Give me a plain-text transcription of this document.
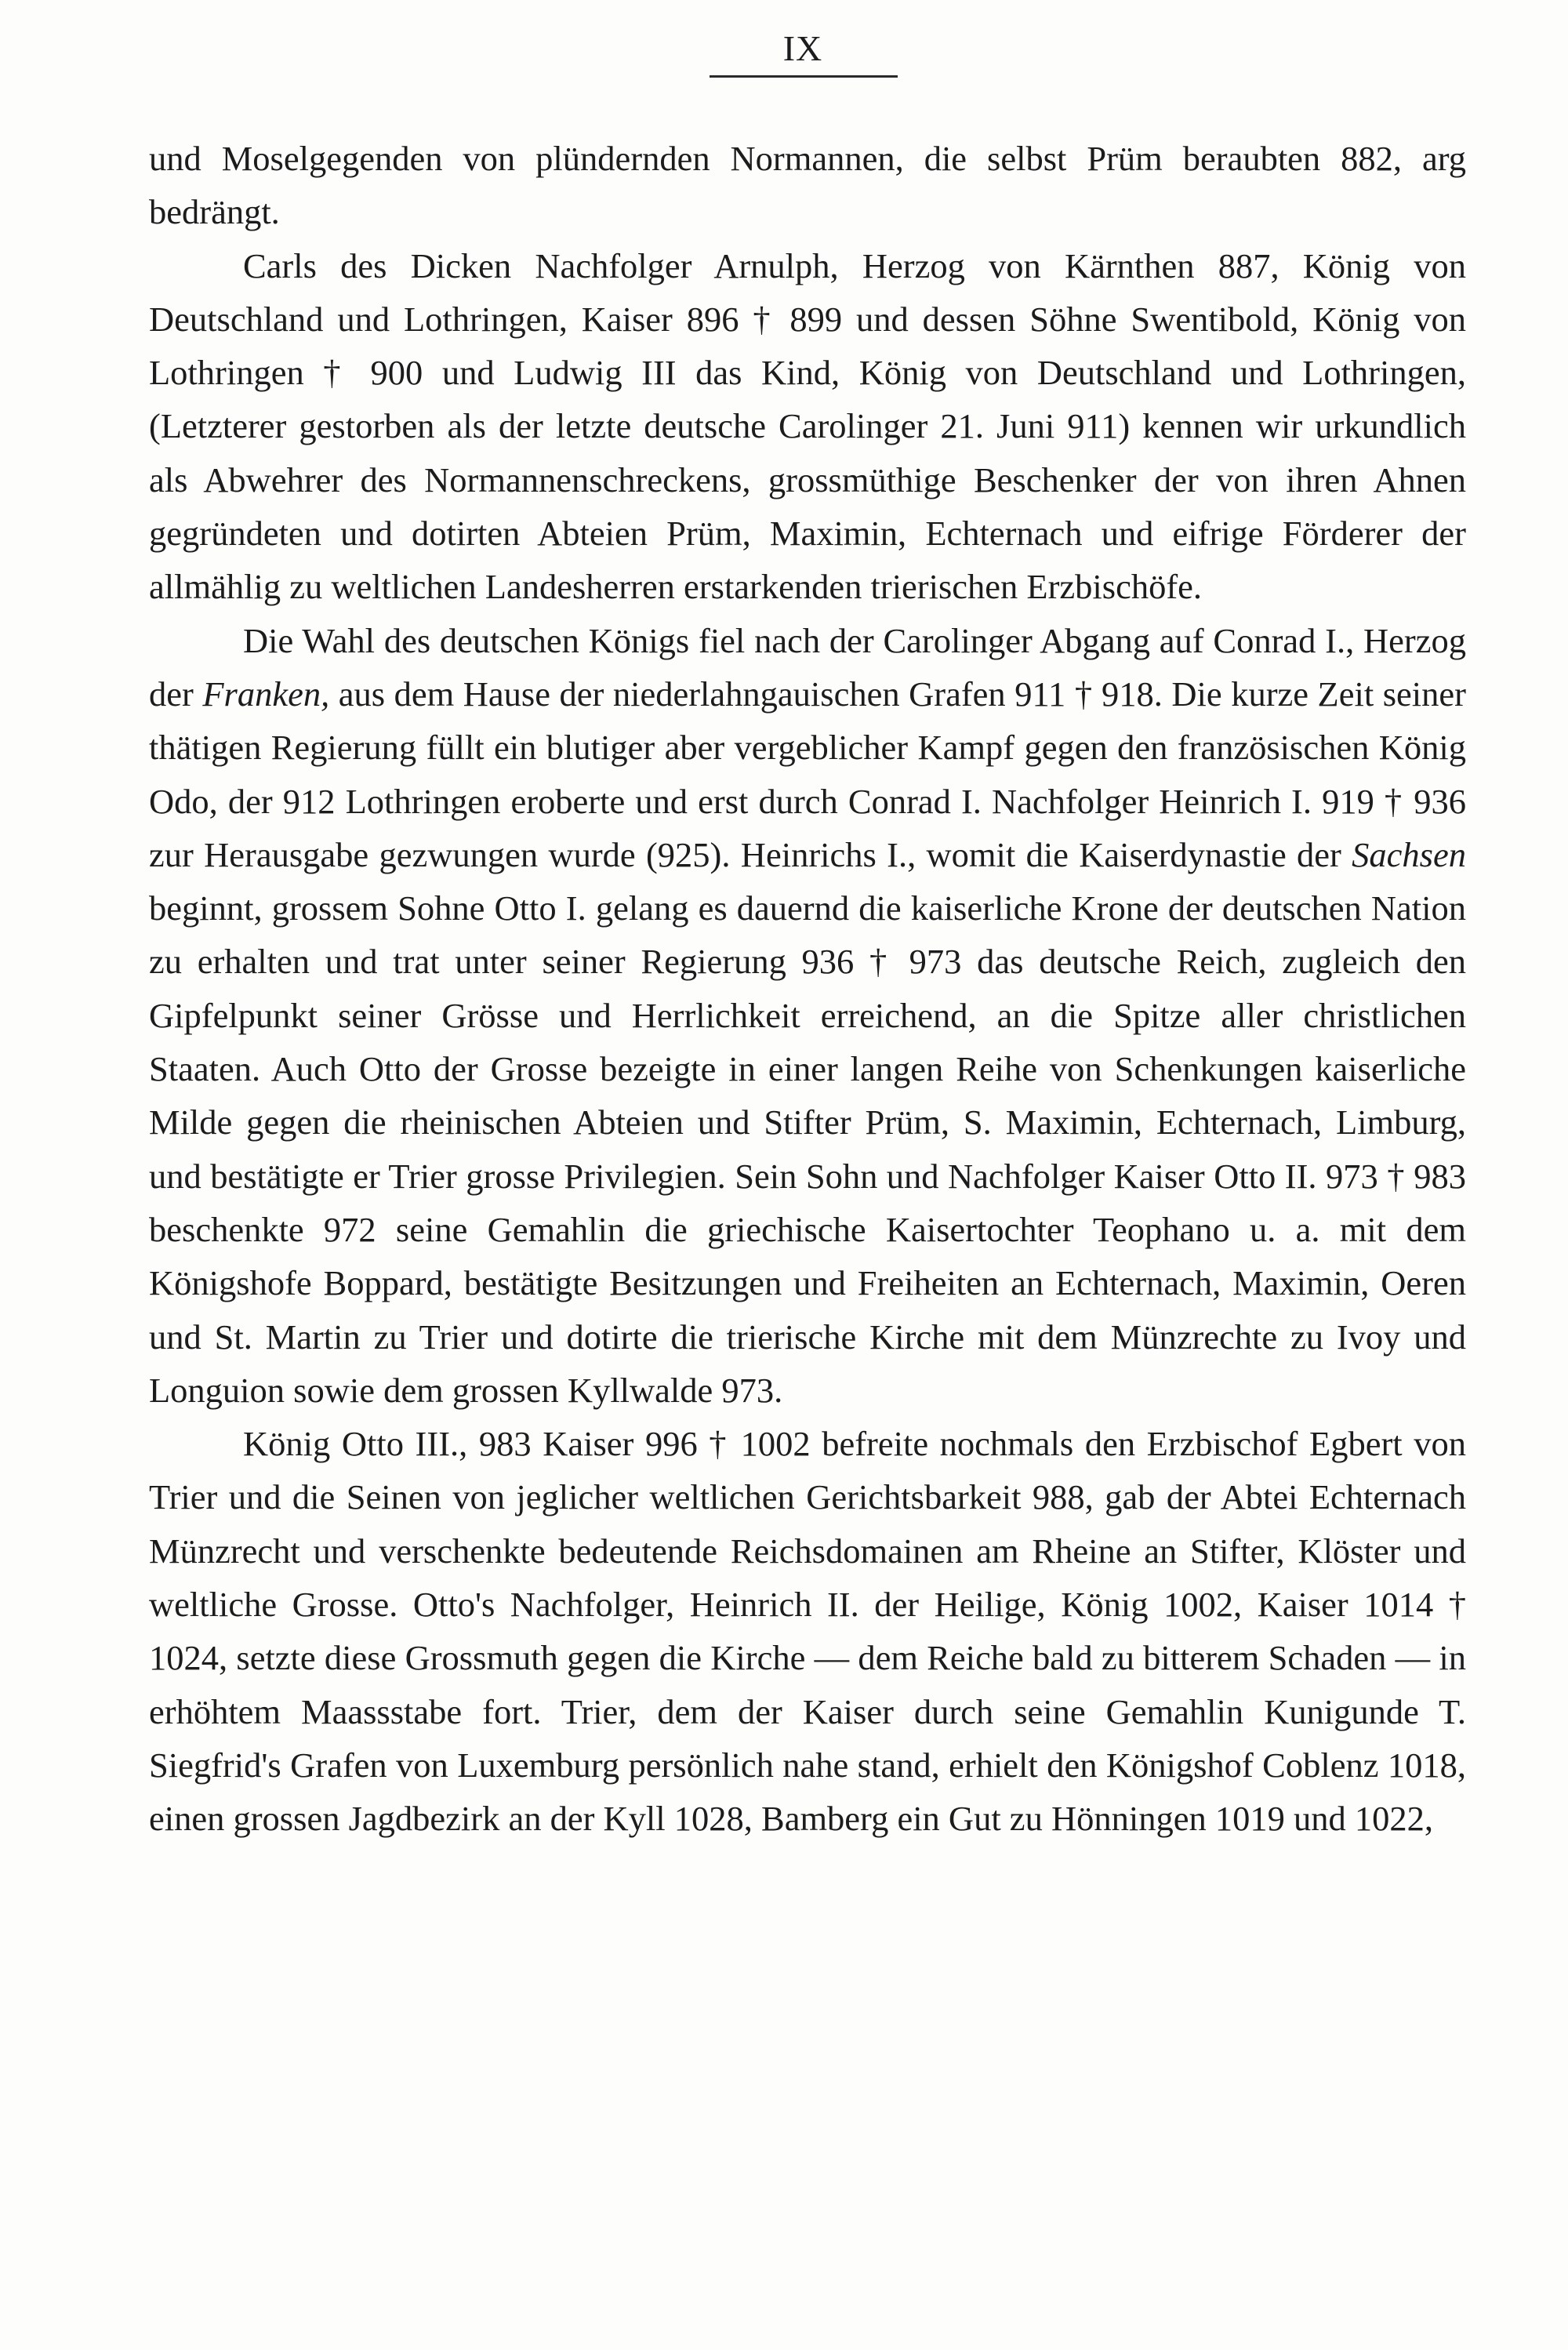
IX

und Moselgegenden von plündernden Normannen, die selbst Prüm beraubten 882, arg bedrängt.

Carls des Dicken Nachfolger Arnulph, Herzog von Kärnthen 887, König von Deutschland und Lothringen, Kaiser 896 † 899 und dessen Söhne Swentibold, König von Lothringen † 900 und Ludwig III das Kind, König von Deutschland und Lothringen, (Letzterer gestorben als der letzte deutsche Carolinger 21. Juni 911) kennen wir urkundlich als Abwehrer des Normannenschreckens, grossmüthige Beschenker der von ihren Ahnen gegründeten und dotirten Abteien Prüm, Maximin, Echternach und eifrige Förderer der allmählig zu weltlichen Landesherren erstarkenden trierischen Erzbischöfe.

Die Wahl des deutschen Königs fiel nach der Carolinger Abgang auf Conrad I., Herzog der Franken, aus dem Hause der niederlahngauischen Grafen 911 † 918. Die kurze Zeit seiner thätigen Regierung füllt ein blutiger aber vergeblicher Kampf gegen den französischen König Odo, der 912 Lothringen eroberte und erst durch Conrad I. Nachfolger Heinrich I. 919 † 936 zur Herausgabe gezwungen wurde (925). Heinrichs I., womit die Kaiserdynastie der Sachsen beginnt, grossem Sohne Otto I. gelang es dauernd die kaiserliche Krone der deutschen Nation zu erhalten und trat unter seiner Regierung 936 † 973 das deutsche Reich, zugleich den Gipfelpunkt seiner Grösse und Herrlichkeit erreichend, an die Spitze aller christlichen Staaten. Auch Otto der Grosse bezeigte in einer langen Reihe von Schenkungen kaiserliche Milde gegen die rheinischen Abteien und Stifter Prüm, S. Maximin, Echternach, Limburg, und bestätigte er Trier grosse Privilegien. Sein Sohn und Nachfolger Kaiser Otto II. 973 † 983 beschenkte 972 seine Gemahlin die griechische Kaisertochter Teophano u. a. mit dem Königshofe Boppard, bestätigte Besitzungen und Freiheiten an Echternach, Maximin, Oeren und St. Martin zu Trier und dotirte die trierische Kirche mit dem Münzrechte zu Ivoy und Longuion sowie dem grossen Kyllwalde 973.

König Otto III., 983 Kaiser 996 † 1002 befreite nochmals den Erzbischof Egbert von Trier und die Seinen von jeglicher weltlichen Gerichtsbarkeit 988, gab der Abtei Echternach Münzrecht und verschenkte bedeutende Reichsdomainen am Rheine an Stifter, Klöster und weltliche Grosse. Otto's Nachfolger, Heinrich II. der Heilige, König 1002, Kaiser 1014 † 1024, setzte diese Grossmuth gegen die Kirche — dem Reiche bald zu bitterem Schaden — in erhöhtem Maassstabe fort. Trier, dem der Kaiser durch seine Gemahlin Kunigunde T. Siegfrid's Grafen von Luxemburg persönlich nahe stand, erhielt den Königshof Coblenz 1018, einen grossen Jagdbezirk an der Kyll 1028, Bamberg ein Gut zu Hönningen 1019 und 1022,
